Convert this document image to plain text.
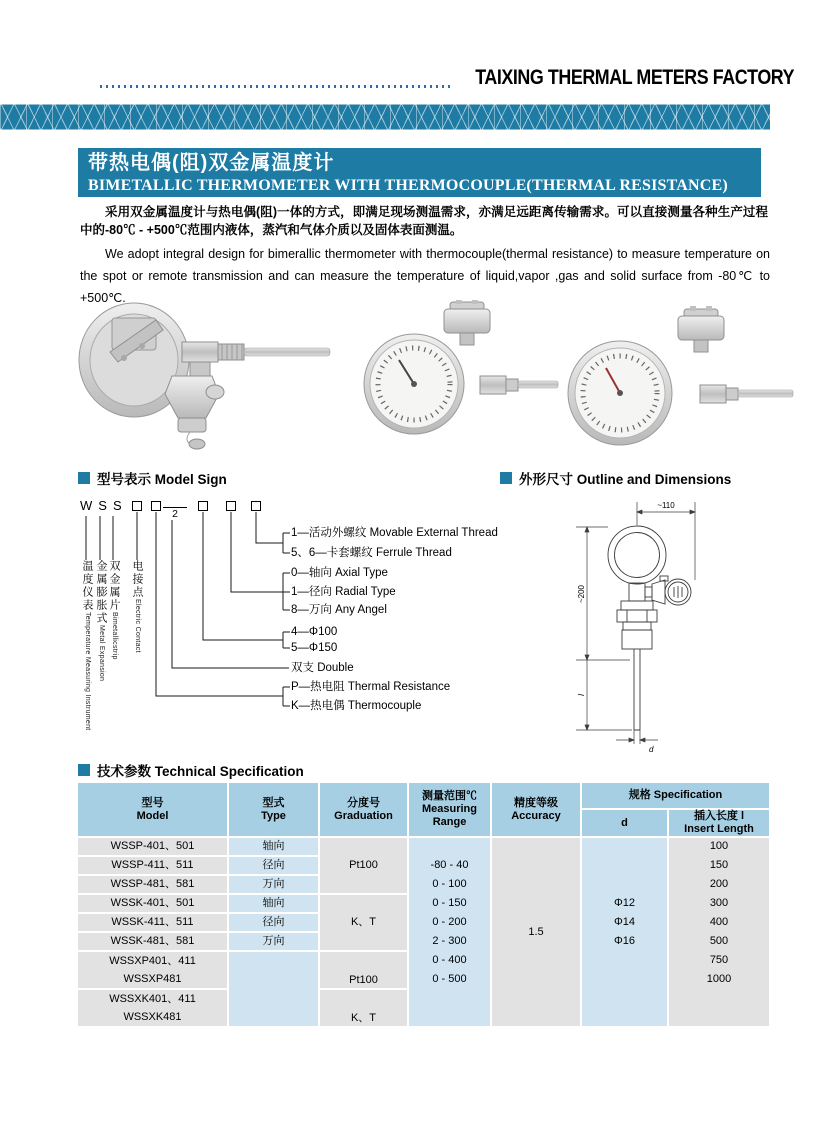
TAIXING THERMAL METERS FACTORY
带热电偶(阻)双金属温度计
BIMETALLIC THERMOMETER WITH THERMOCOUPLE(THERMAL RESISTANCE)

采用双金属温度计与热电偶(阻)一体的方式，即满足现场测温需求，亦满足远距离传输需求。可以直接测量各种生产过程中的-80℃ - +500℃范围内液体，蒸汽和气体介质以及固体表面测温。

We adopt integral design for bimerallic thermometer with thermocouple(thermal resistance) to measure temperature on the spot or remote transmission and can measure the temperature of liquid,vapor ,gas and solid surface from -80℃ to +500℃.

型号表示 Model Sign	外形尺寸 Outline and Dimensions
技术参数 Technical Specification
WSS
2
1—活动外螺纹 Movable External Thread
5、6—卡套螺纹 Ferrule Thread
0—轴向 Axial Type
1—径向 Radial Type
8—万向 Any Angel
4—Φ100
5—Φ150
双支 Double
P—热电阻 Thermal Resistance
K—热电偶 Thermocouple
温度仪表Temperature Measuring Instrument
金属膨胀式Metal Expansion
双金属片Bimetallicstrip
电接点Electric Contact
~110
~200
l
d
型号
Model
型式
Type
分度号
Graduation
测量范围℃
Measuring
Range
精度等级
Accuracy
规格 Specification
d
插入长度 l
Insert Length
WSSP-401、501
WSSP-411、511
WSSP-481、581
WSSK-401、501
WSSK-411、511
WSSK-481、581
WSSXP401、411
WSSXP481
WSSXK401、411
WSSXK481
轴向
径向
万向
轴向
径向
万向
Pt100
K、T
Pt100
K、T
-80 - 40
0 - 100
0 - 150
0 - 200
2 - 300
0 - 400
0 - 500
1.5
Φ12
Φ14
Φ16
100
150
200
300
400
500
750
1000
